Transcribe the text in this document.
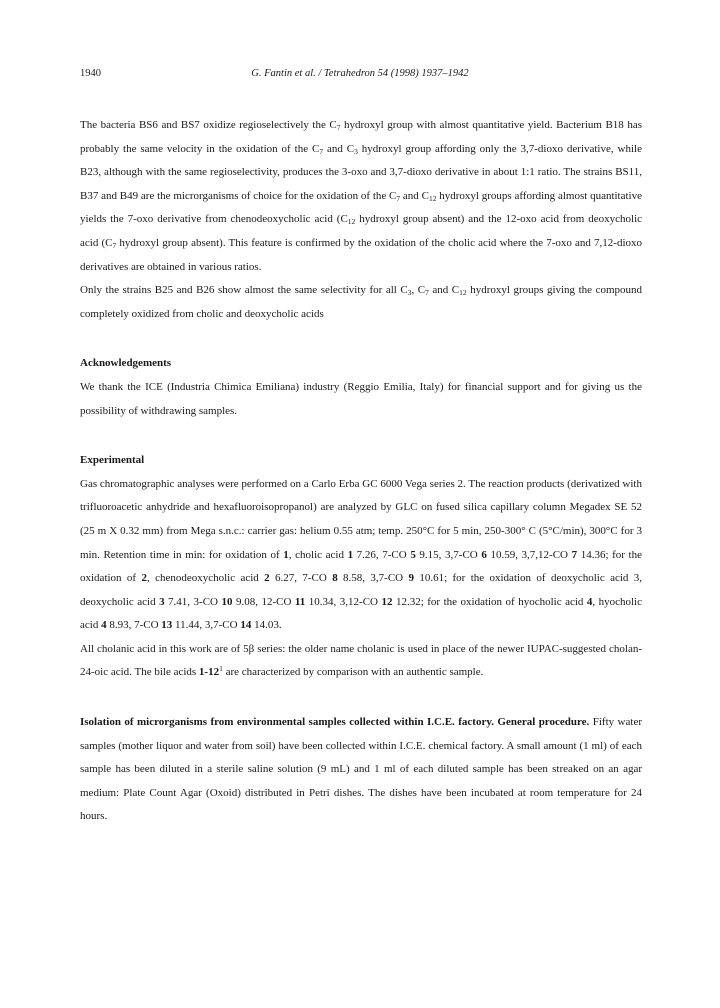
1940	G. Fantin et al. / Tetrahedron 54 (1998) 1937–1942

The bacteria BS6 and BS7 oxidize regioselectively the $C_7$ hydroxyl group with almost quantitative yield. Bacterium B18 has probably the same velocity in the oxidation of the $C_7$ and $C_3$ hydroxyl group affording only the 3,7-dioxo derivative, while B23, although with the same regioselectivity, produces the 3-oxo and 3,7-dioxo derivative in about 1:1 ratio. The strains BS11, B37 and B49 are the microrganisms of choice for the oxidation of the $C_7$ and $C_{12}$ hydroxyl groups affording almost quantitative yields the 7-oxo derivative from chenodeoxycholic acid ($C_{12}$ hydroxyl group absent) and the 12-oxo acid from deoxycholic acid ($C_7$ hydroxyl group absent). This feature is confirmed by the oxidation of the cholic acid where the 7-oxo and 7,12-dioxo derivatives are obtained in various ratios.

Only the strains B25 and B26 show almost the same selectivity for all $C_3$, $C_7$ and $C_{12}$ hydroxyl groups giving the compound completely oxidized from cholic and deoxycholic acids

Acknowledgements

We thank the ICE (Industria Chimica Emiliana) industry (Reggio Emilia, Italy) for financial support and for giving us the possibility of withdrawing samples.

Experimental

Gas chromatographic analyses were performed on a Carlo Erba GC 6000 Vega series 2. The reaction products (derivatized with trifluoroacetic anhydride and hexafluoroisopropanol) are analyzed by GLC on fused silica capillary column Megadex SE 52 (25 m X 0.32 mm) from Mega s.n.c.: carrier gas: helium 0.55 atm; temp. 250°C for 5 min, 250-300° C (5°C/min), 300°C for 3 min. Retention time in min: for oxidation of 1, cholic acid 1 7.26, 7-CO 5 9.15, 3,7-CO 6 10.59, 3,7,12-CO 7 14.36; for the oxidation of 2, chenodeoxycholic acid 2 6.27, 7-CO 8 8.58, 3,7-CO 9 10.61; for the oxidation of deoxycholic acid 3, deoxycholic acid 3 7.41, 3-CO 10 9.08, 12-CO 11 10.34, 3,12-CO 12 12.32; for the oxidation of hyocholic acid 4, hyocholic acid 4 8.93, 7-CO 13 11.44, 3,7-CO 14 14.03.

All cholanic acid in this work are of 5β series: the older name cholanic is used in place of the newer IUPAC-suggested cholan-24-oic acid. The bile acids $1-12^1$ are characterized by comparison with an authentic sample.

Isolation of microrganisms from environmental samples collected within I.C.E. factory. General procedure. Fifty water samples (mother liquor and water from soil) have been collected within I.C.E. chemical factory. A small amount (1 ml) of each sample has been diluted in a sterile saline solution (9 mL) and 1 ml of each diluted sample has been streaked on an agar medium: Plate Count Agar (Oxoid) distributed in Petri dishes. The dishes have been incubated at room temperature for 24 hours.
